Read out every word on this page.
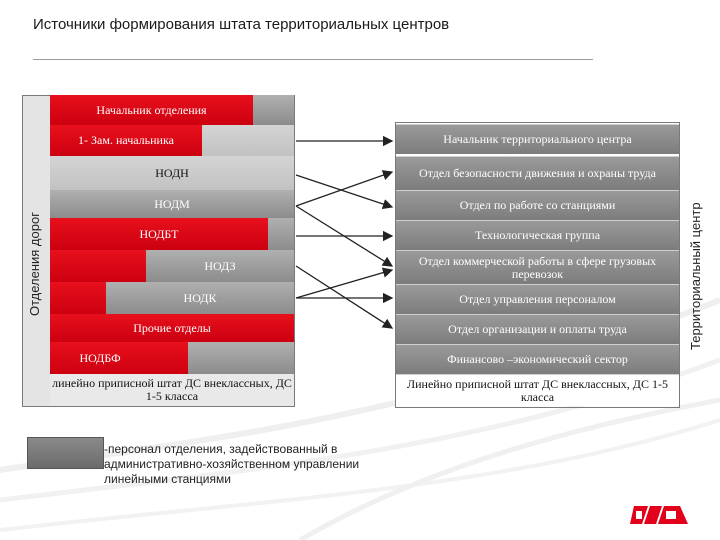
Источники формирования штата территориальных центров
Отделения дорог	Территориальный центр
Начальник отделения
1- Зам. начальника
НОДН
НОДМ
НОДБТ
НОДЗ
НОДК
Прочие отделы
НОДБФ
линейно приписной штат ДС внеклассных, ДС 1-5 класса
Начальник территориального центра
Отдел безопасности движения и охраны труда
Отдел по работе со станциями
Технологическая группа
Отдел коммерческой работы в сфере грузовых перевозок
Отдел управления персоналом
Отдел организации и оплаты труда
Финансово –экономический сектор
Линейно приписной штат ДС внеклассных, ДС 1-5 класса
-персонал отделения, задействованный в административно-хозяйственном управлении линейными станциями
